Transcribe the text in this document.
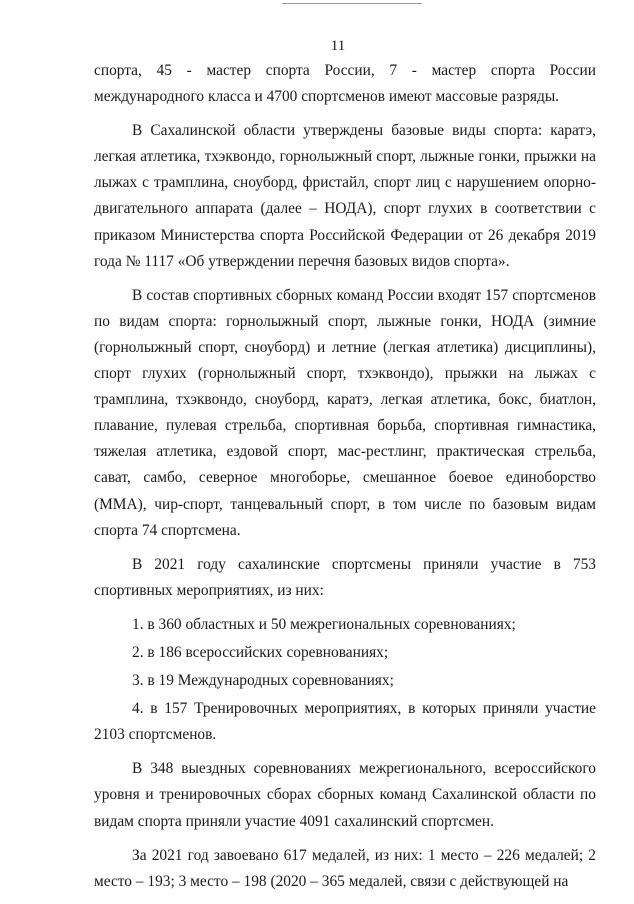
11

спорта, 45 - мастер спорта России, 7 - мастер спорта России международного класса и 4700 спортсменов имеют массовые разряды.

В Сахалинской области утверждены базовые виды спорта: каратэ, легкая атлетика, тхэквондо, горнолыжный спорт, лыжные гонки, прыжки на лыжах с трамплина, сноуборд, фристайл, спорт лиц с нарушением опорно-двигательного аппарата (далее – НОДА), спорт глухих в соответствии с приказом Министерства спорта Российской Федерации от 26 декабря 2019 года № 1117 «Об утверждении перечня базовых видов спорта».

В состав спортивных сборных команд России входят 157 спортсменов по видам спорта: горнолыжный спорт, лыжные гонки, НОДА (зимние (горнолыжный спорт, сноуборд) и летние (легкая атлетика) дисциплины), спорт глухих (горнолыжный спорт, тхэквондо), прыжки на лыжах с трамплина, тхэквондо, сноуборд, каратэ, легкая атлетика, бокс, биатлон, плавание, пулевая стрельба, спортивная борьба, спортивная гимнастика, тяжелая атлетика, ездовой спорт, мас-рестлинг, практическая стрельба, сават, самбо, северное многоборье, смешанное боевое единоборство (ММА), чир-спорт, танцевальный спорт, в том числе по базовым видам спорта 74 спортсмена.

В 2021 году сахалинские спортсмены приняли участие в 753 спортивных мероприятиях, из них:

1. в 360 областных и 50 межрегиональных соревнованиях;

2. в 186 всероссийских соревнованиях;

3. в 19 Международных соревнованиях;

4. в 157 Тренировочных мероприятиях, в которых приняли участие 2103 спортсменов.

В 348 выездных соревнованиях межрегионального, всероссийского уровня и тренировочных сборах сборных команд Сахалинской области по видам спорта приняли участие 4091 сахалинский спортсмен.

За 2021 год завоевано 617 медалей, из них: 1 место – 226 медалей; 2 место – 193; 3 место – 198 (2020 – 365 медалей, связи с действующей на
